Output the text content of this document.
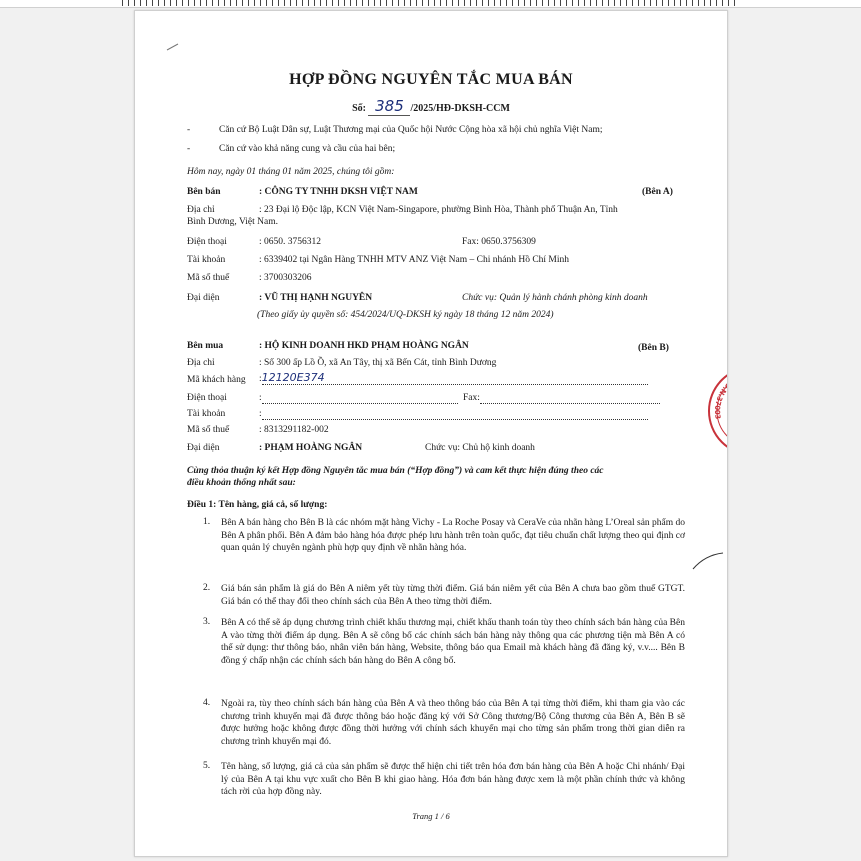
HỢP ĐỒNG NGUYÊN TẮC MUA BÁN
Số: 385 /2025/HĐ-DKSH-CCM
-	Căn cứ Bộ Luật Dân sự, Luật Thương mại của Quốc hội Nước Cộng hòa xã hội chủ nghĩa Việt Nam;
-	Căn cứ vào khả năng cung và cầu của hai bên;
Hôm nay, ngày 01 tháng 01 năm 2025, chúng tôi gồm:
Bên bán	: CÔNG TY TNHH DKSH VIỆT NAM	(Bên A)
Địa chỉ	: 23 Đại lộ Độc lập, KCN Việt Nam-Singapore, phường Bình Hòa, Thành phố Thuận An, Tỉnh
Bình Dương, Việt Nam.
Điện thoại	: 0650. 3756312	Fax: 0650.3756309
Tài khoản	: 6339402 tại Ngân Hàng TNHH MTV ANZ Việt Nam – Chi nhánh Hồ Chí Minh
Mã số thuế	: 3700303206
Đại diện	: VŨ THỊ HẠNH NGUYÊN	Chức vụ: Quản lý hành chánh phòng kinh doanh
(Theo giấy ủy quyền số: 454/2024/UQ-DKSH ký ngày 18 tháng 12 năm 2024)
Bên mua	: HỘ KINH DOANH HKD PHẠM HOÀNG NGÂN	(Bên B)
Địa chỉ	: Số 300 ấp Lồ Ồ, xã An Tây, thị xã Bến Cát, tỉnh Bình Dương
Mã khách hàng :12120E374
Điện thoại	:	Fax:
Tài khoản	:
Mã số thuế	: 8313291182-002
Đại diện	: PHẠM HOÀNG NGÂN	Chức vụ: Chủ hộ kinh doanh
Cùng thỏa thuận ký kết Hợp đồng Nguyên tắc mua bán (“Hợp đồng”) và cam kết thực hiện đúng theo các
điều khoản thống nhất sau:
Điều 1: Tên hàng, giá cả, số lượng:
1. Bên A bán hàng cho Bên B là các nhóm mặt hàng Vichy - La Roche Posay và CeraVe của nhãn hàng L’Oreal sản phẩm do Bên A phân phối. Bên A đảm bảo hàng hóa được phép lưu hành trên toàn quốc, đạt tiêu chuẩn chất lượng theo qui định cơ quan quản lý chuyên ngành phù hợp quy định về nhãn hàng hóa.
2. Giá bán sản phẩm là giá do Bên A niêm yết tùy từng thời điểm. Giá bán niêm yết của Bên A chưa bao gồm thuế GTGT. Giá bán có thể thay đổi theo chính sách của Bên A theo từng thời điểm.
3. Bên A có thể sẽ áp dụng chương trình chiết khấu thương mại, chiết khấu thanh toán tùy theo chính sách bán hàng của Bên A vào từng thời điểm áp dụng. Bên A sẽ công bố các chính sách bán hàng này thông qua các phương tiện mà Bên A có thể sử dụng: thư thông báo, nhân viên bán hàng, Website, thông báo qua Email mà khách hàng đã đăng ký, v.v.... Bên B đồng ý chấp nhận các chính sách bán hàng do Bên A công bố.
4. Ngoài ra, tùy theo chính sách bán hàng của Bên A và theo thông báo của Bên A tại từng thời điểm, khi tham gia vào các chương trình khuyến mại đã được thông báo hoặc đăng ký với Sở Công thương/Bộ Công thương của Bên A, Bên B sẽ được hưởng hoặc không được đồng thời hưởng với chính sách khuyến mại cho từng sản phẩm trong thời gian diễn ra chương trình khuyến mại đó.
5. Tên hàng, số lượng, giá cả của sản phẩm sẽ được thể hiện chi tiết trên hóa đơn bán hàng của Bên A hoặc Chi nhánh/ Đại lý của Bên A tại khu vực xuất cho Bên B khi giao hàng. Hóa đơn bán hàng được xem là một phần chính thức và không tách rời của hợp đồng này.
Trang 1 / 6
M.S.D.N.37003
